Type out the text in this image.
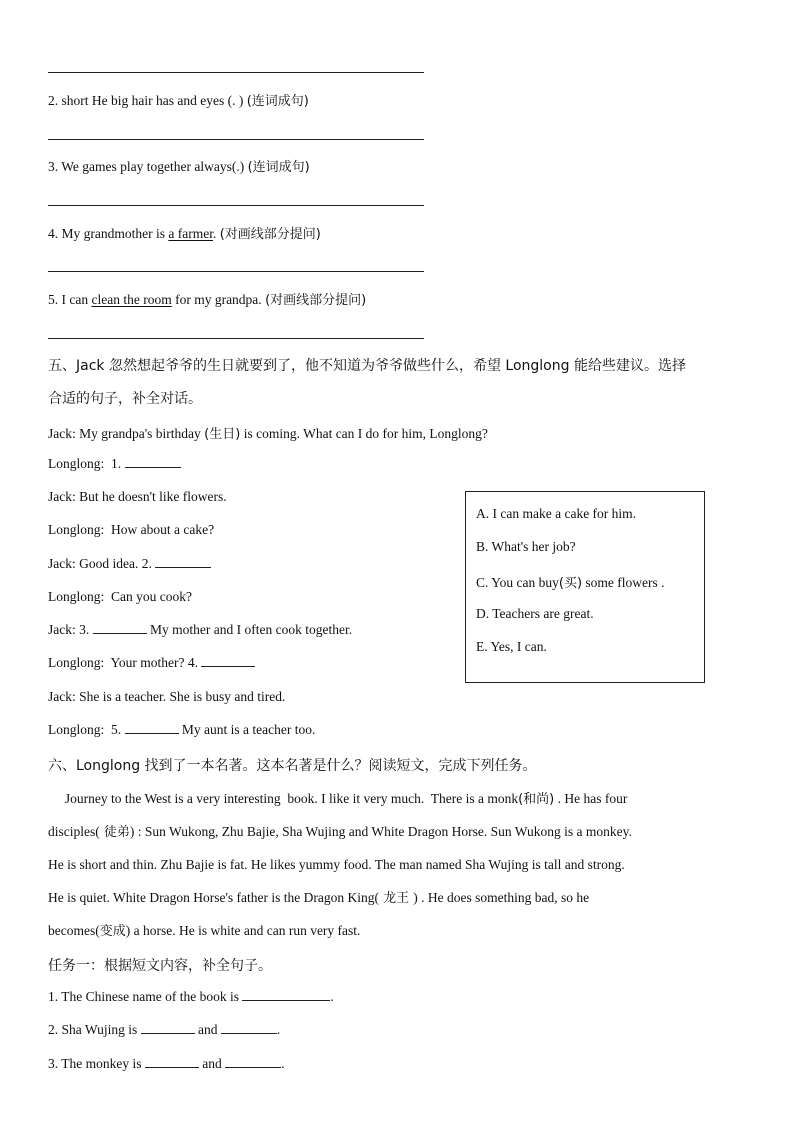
2. short He big hair has and eyes (. ) (连词成句)
3. We games play together always(.) (连词成句)
4. My grandmother is a farmer. (对画线部分提问)
5. I can clean the room for my grandpa. (对画线部分提问)
五、Jack 忽然想起爷爷的生日就要到了，他不知道为爷爷做些什么，希望 Longlong 能给些建议。选择
合适的句子，补全对话。
Jack: My grandpa's birthday (生日) is coming. What can I do for him, Longlong?
Longlong: 1.
Jack: But he doesn't like flowers.
Longlong: How about a cake?
Jack: Good idea. 2.
Longlong: Can you cook?
Jack: 3.	My mother and I often cook together.
Longlong: Your mother? 4.
Jack: She is a teacher. She is busy and tired.
Longlong: 5.	My aunt is a teacher too.
A. I can make a cake for him.
B. What's her job?
C. You can buy(买) some flowers .
D. Teachers are great.
E. Yes, I can.
六、Longlong 找到了一本名著。这本名著是什么？阅读短文，完成下列任务。
Journey to the West is a very interesting  book. I like it very much.  There is a monk(和尚) . He has four
disciples( 徒弟) : Sun Wukong, Zhu Bajie, Sha Wujing and White Dragon Horse. Sun Wukong is a monkey.
He is short and thin. Zhu Bajie is fat. He likes yummy food. The man named Sha Wujing is tall and strong.
He is quiet. White Dragon Horse's father is the Dragon King( 龙王 ) . He does something bad, so he
becomes(变成) a horse. He is white and can run very fast.
任务一：根据短文内容，补全句子。
1. The Chinese name of the book is	.
2. Sha Wujing is	and	.
3. The monkey is	and	.
